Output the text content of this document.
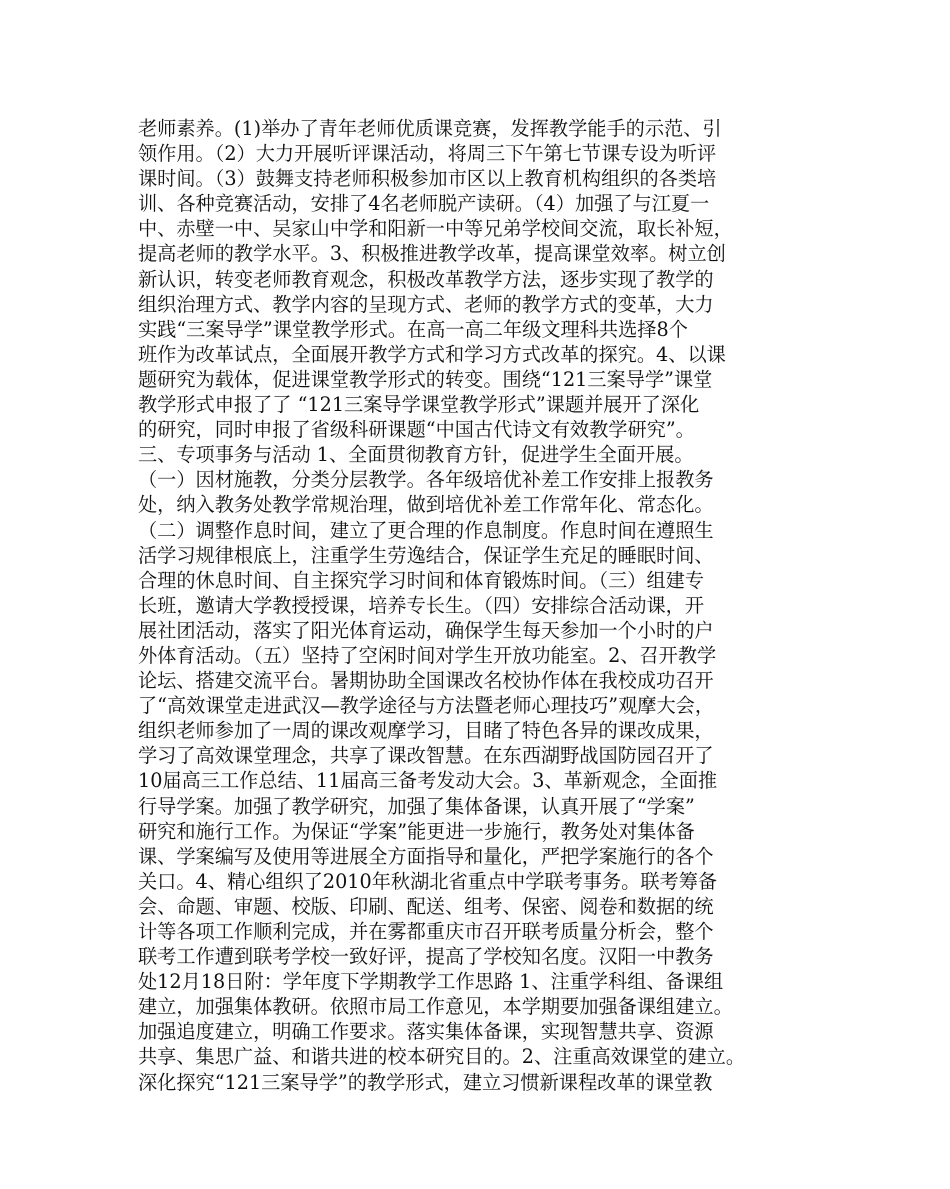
老师素养。(1)举办了青年老师优质课竞赛，发挥教学能手的示范、引
领作用。（2）大力开展听评课活动，将周三下午第七节课专设为听评
课时间。（3）鼓舞支持老师积极参加市区以上教育机构组织的各类培
训、各种竞赛活动，安排了4名老师脱产读研。（4）加强了与江夏一
中、赤壁一中、吴家山中学和阳新一中等兄弟学校间交流，取长补短，
提高老师的教学水平。3、积极推进教学改革，提高课堂效率。树立创
新认识，转变老师教育观念，积极改革教学方法，逐步实现了教学的
组织治理方式、教学内容的呈现方式、老师的教学方式的变革，大力
实践“三案导学”课堂教学形式。在高一高二年级文理科共选择8个
班作为改革试点，全面展开教学方式和学习方式改革的探究。4、以课
题研究为载体，促进课堂教学形式的转变。围绕“121三案导学”课堂
教学形式申报了了 “121三案导学课堂教学形式”课题并展开了深化
的研究，同时申报了省级科研课题“中国古代诗文有效教学研究”。
三、专项事务与活动 1、全面贯彻教育方针，促进学生全面开展。
（一）因材施教，分类分层教学。各年级培优补差工作安排上报教务
处，纳入教务处教学常规治理，做到培优补差工作常年化、常态化。
（二）调整作息时间，建立了更合理的作息制度。作息时间在遵照生
活学习规律根底上，注重学生劳逸结合，保证学生充足的睡眠时间、
合理的休息时间、自主探究学习时间和体育锻炼时间。（三）组建专
长班，邀请大学教授授课，培养专长生。（四）安排综合活动课，开
展社团活动，落实了阳光体育运动，确保学生每天参加一个小时的户
外体育活动。（五）坚持了空闲时间对学生开放功能室。2、召开教学
论坛、搭建交流平台。暑期协助全国课改名校协作体在我校成功召开
了“高效课堂走进武汉—教学途径与方法暨老师心理技巧”观摩大会，
组织老师参加了一周的课改观摩学习，目睹了特色各异的课改成果，
学习了高效课堂理念，共享了课改智慧。在东西湖野战国防园召开了
10届高三工作总结、11届高三备考发动大会。3、革新观念，全面推
行导学案。加强了教学研究，加强了集体备课，认真开展了“学案”
研究和施行工作。为保证“学案”能更进一步施行，教务处对集体备
课、学案编写及使用等进展全方面指导和量化，严把学案施行的各个
关口。4、精心组织了2010年秋湖北省重点中学联考事务。联考筹备
会、命题、审题、校版、印刷、配送、组考、保密、阅卷和数据的统
计等各项工作顺利完成，并在雾都重庆市召开联考质量分析会，整个
联考工作遭到联考学校一致好评，提高了学校知名度。汉阳一中教务
处12月18日附：学年度下学期教学工作思路 1、注重学科组、备课组
建立，加强集体教研。依照市局工作意见，本学期要加强备课组建立。
加强追度建立，明确工作要求。落实集体备课，实现智慧共享、资源
共享、集思广益、和谐共进的校本研究目的。2、注重高效课堂的建立。
深化探究“121三案导学”的教学形式，建立习惯新课程改革的课堂教
